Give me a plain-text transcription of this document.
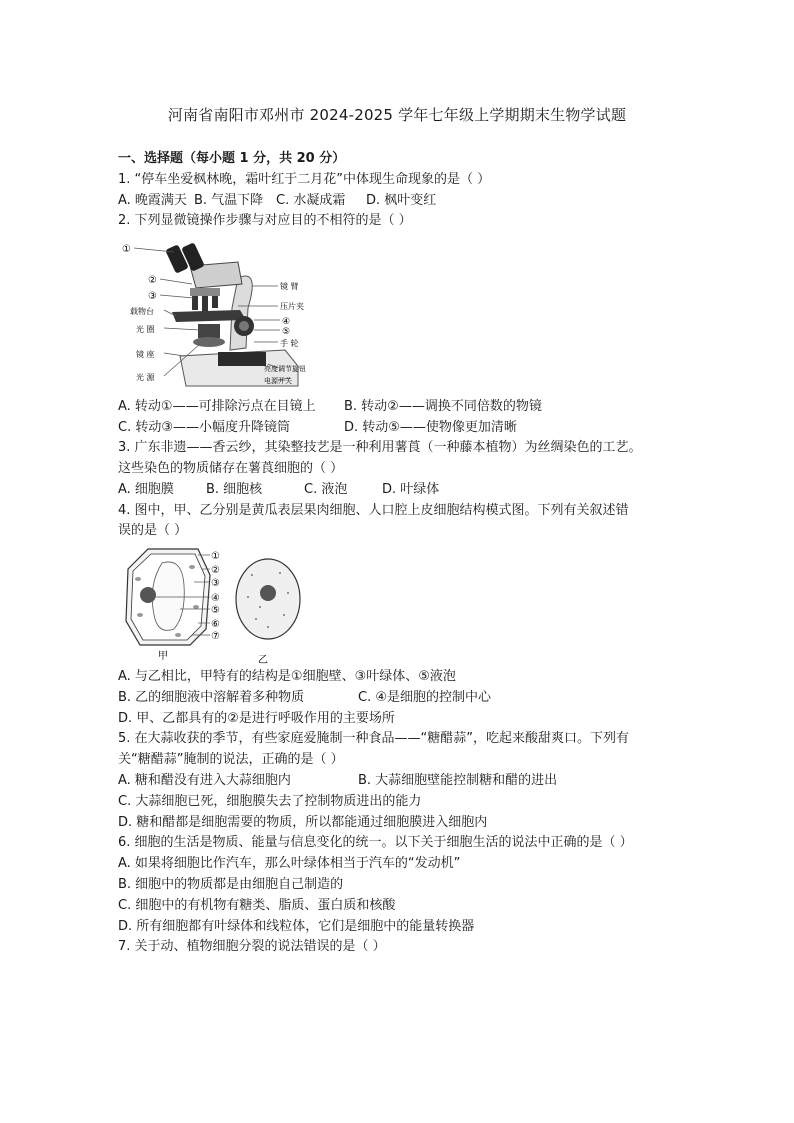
河南省南阳市邓州市 2024-2025 学年七年级上学期期末生物学试题
一、选择题（每小题 1 分，共 20 分）
1. “停车坐爱枫林晚，霜叶红于二月花”中体现生命现象的是（ ）
A. 晚霞满天 B. 气温下降 C. 水凝成霜 D. 枫叶变红
2. 下列显微镜操作步骤与对应目的不相符的是（ ）
①
②
③
载物台
光 圈
镜 座
光 源
镜 臂
压片夹
④
⑤
手 轮
亮度调节旋钮
电源开关
A. 转动①——可排除污点在目镜上 B. 转动②——调换不同倍数的物镜
C. 转动③——小幅度升降镜筒	D. 转动⑤——使物像更加清晰
3. 广东非遗——香云纱，其染整技艺是一种利用薯莨（一种藤本植物）为丝绸染色的工艺。
这些染色的物质储存在薯莨细胞的（ ）
A. 细胞膜 B. 细胞核	C. 液泡	D. 叶绿体
4. 图中，甲、乙分别是黄瓜表层果肉细胞、人口腔上皮细胞结构模式图。下列有关叙述错
误的是（ ）
①
②
③
④
⑤
⑥
⑦
甲	乙
A. 与乙相比，甲特有的结构是①细胞壁、③叶绿体、⑤液泡
B. 乙的细胞液中溶解着多种物质	C. ④是细胞的控制中心
D. 甲、乙都具有的②是进行呼吸作用的主要场所
5. 在大蒜收获的季节，有些家庭爱腌制一种食品——“糖醋蒜”，吃起来酸甜爽口。下列有
关“糖醋蒜”腌制的说法，正确的是（ ）
A. 糖和醋没有进入大蒜细胞内	B. 大蒜细胞壁能控制糖和醋的进出
C. 大蒜细胞已死，细胞膜失去了控制物质进出的能力
D. 糖和醋都是细胞需要的物质，所以都能通过细胞膜进入细胞内
6. 细胞的生活是物质、能量与信息变化的统一。以下关于细胞生活的说法中正确的是（ ）
A. 如果将细胞比作汽车，那么叶绿体相当于汽车的“发动机”
B. 细胞中的物质都是由细胞自己制造的
C. 细胞中的有机物有糖类、脂质、蛋白质和核酸
D. 所有细胞都有叶绿体和线粒体，它们是细胞中的能量转换器
7. 关于动、植物细胞分裂的说法错误的是（ ）
